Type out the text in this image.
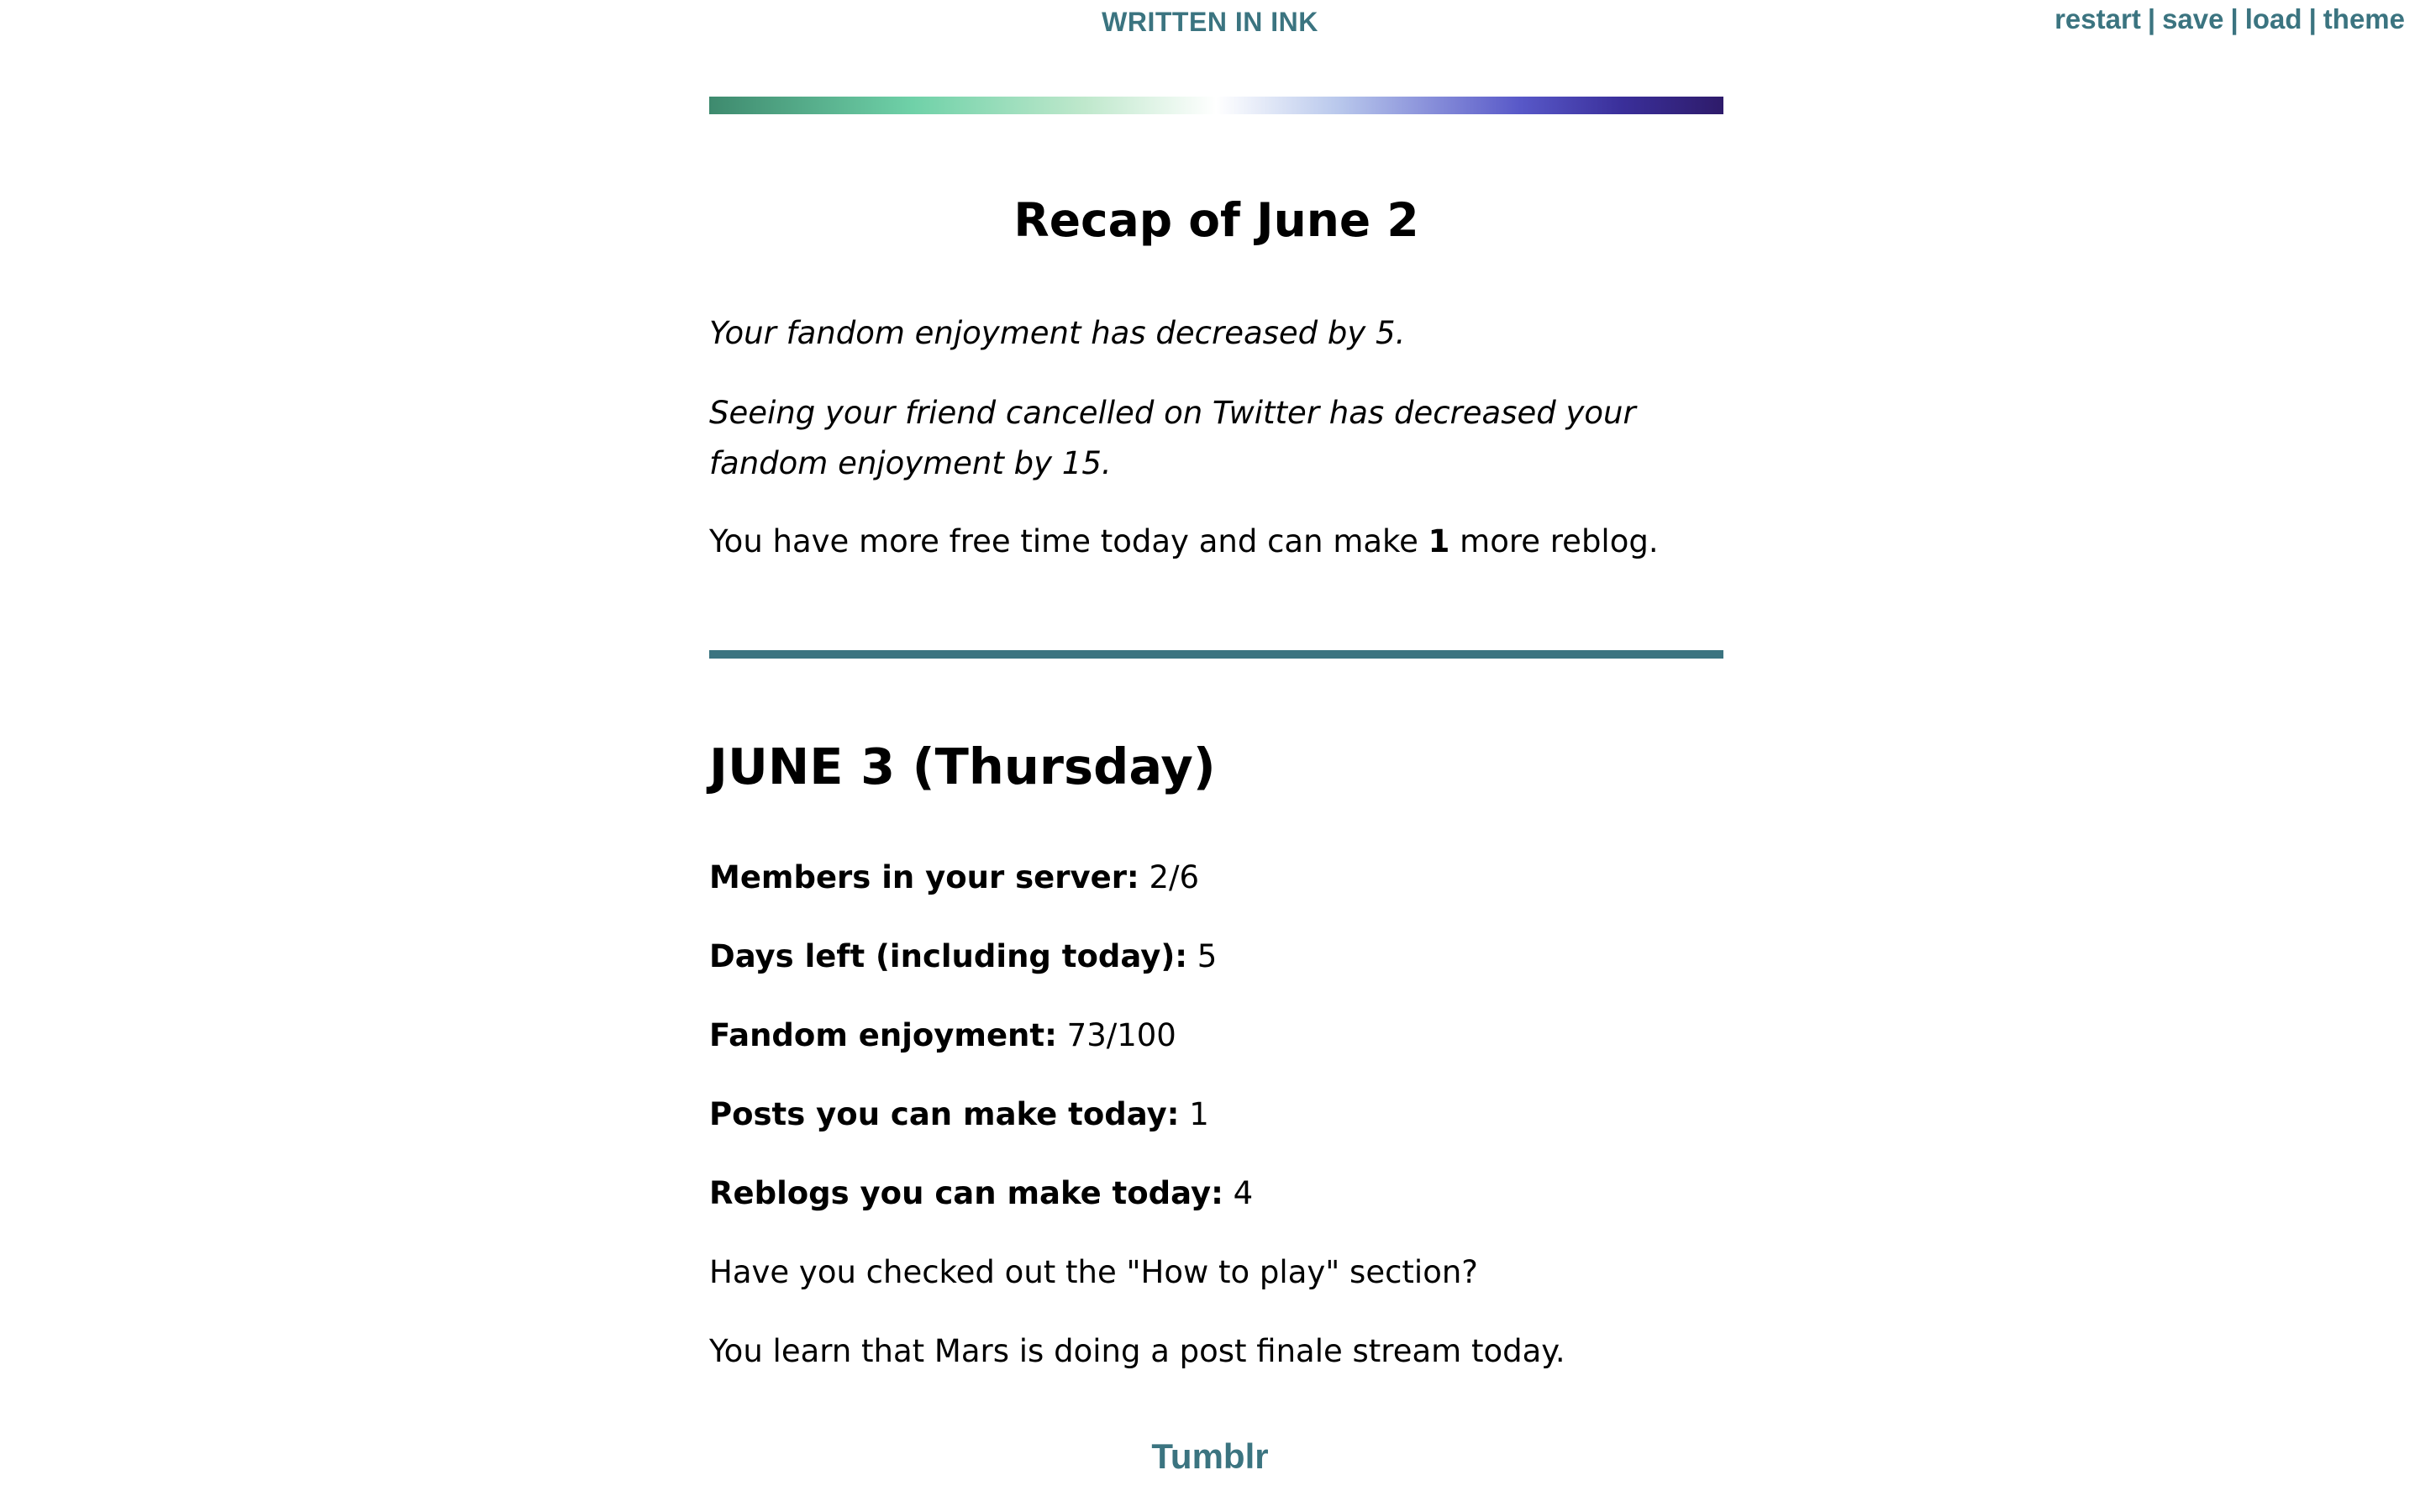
WRITTEN IN INK	restart | save | load | theme
Recap of June 2

Your fandom enjoyment has decreased by 5.

Seeing your friend cancelled on Twitter has decreased your fandom enjoyment by 15.

You have more free time today and can make 1 more reblog.

JUNE 3 (Thursday)

Members in your server: 2/6

Days left (including today): 5

Fandom enjoyment: 73/100

Posts you can make today: 1

Reblogs you can make today: 4

Have you checked out the "How to play" section?

You learn that Mars is doing a post finale stream today.

Tumblr
